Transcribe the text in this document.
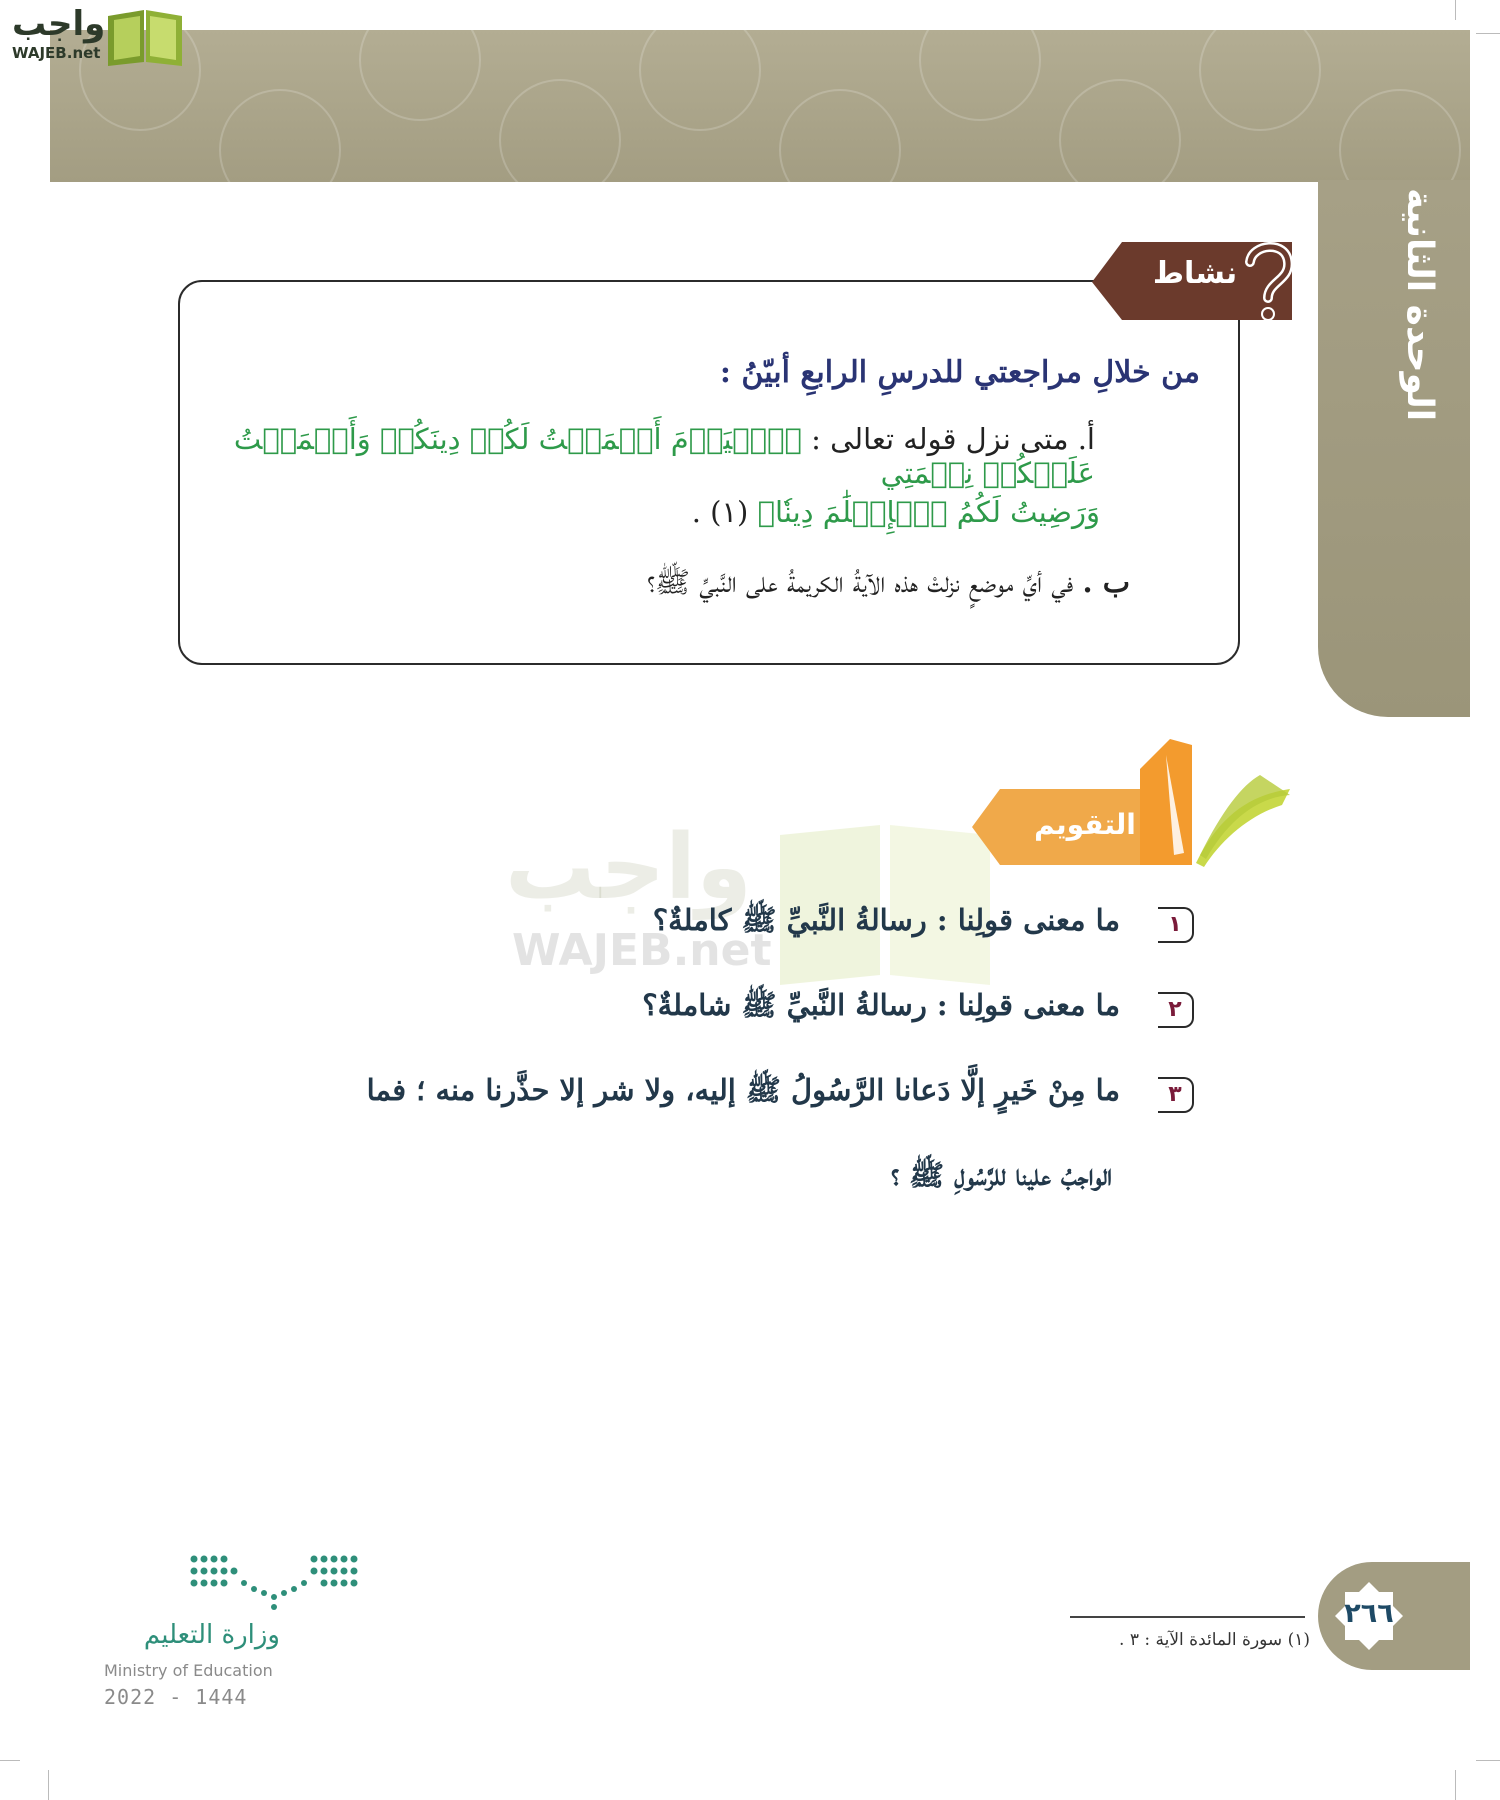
الوحدة الثانية
واجب
WAJEB.net
نشاط
من خلالِ مراجعتي للدرسِ الرابعِ أبيّنُ :
أ. متى نزل قوله تعالى : ﴿ٱلۡيَوۡمَ أَكۡمَلۡتُ لَكُمۡ دِينَكُمۡ وَأَتۡمَمۡتُ عَلَيۡكُمۡ نِعۡمَتِي
وَرَضِيتُ لَكُمُ ٱلۡإِسۡلَٰمَ دِينٗا﴾ (١) .
ب . في أيِّ موضعٍ نزلتْ هذه الآيةُ الكريمةُ على النَّبيِّ ﷺ؟
واجب
WAJEB.net
التقويم
١
ما معنى قولِنا : رسالةُ النَّبيِّ ﷺ كاملةٌ؟
٢
ما معنى قولِنا : رسالةُ النَّبيِّ ﷺ شاملةٌ؟
٣
ما مِنْ خَيرٍ إلَّا دَعانا الرَّسُولُ ﷺ إليه، ولا شر إلا حذَّرنا منه ؛ فما
الواجبُ علينا للرَّسُولِ ﷺ ؟
وزارة التعليم
Ministry of Education
2022 - 1444
(١) سورة المائدة الآية : ٣ .
٢٦٦
